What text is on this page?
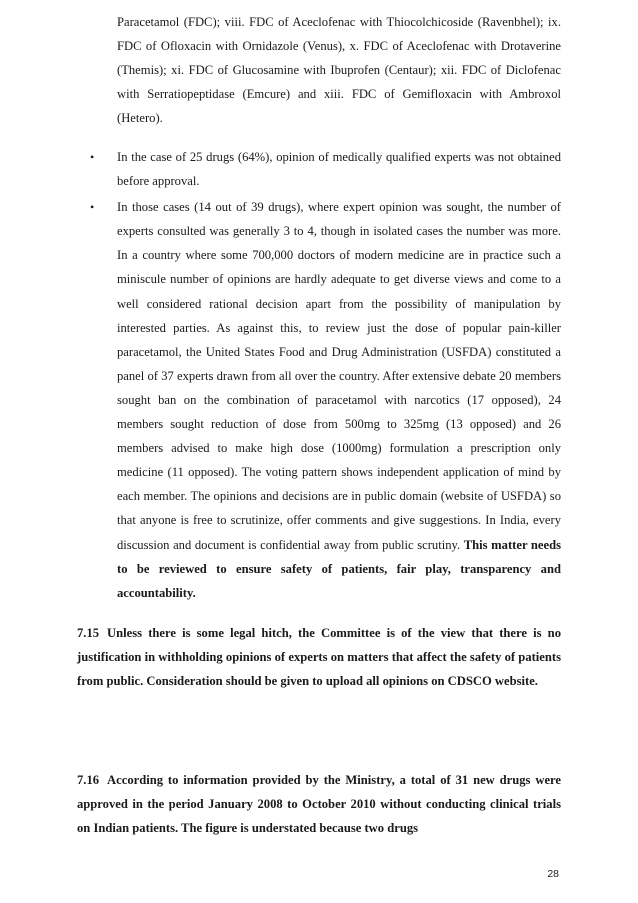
Paracetamol (FDC); viii. FDC of Aceclofenac with Thiocolchicoside (Ravenbhel); ix. FDC of Ofloxacin with Ornidazole (Venus), x. FDC of Aceclofenac with Drotaverine (Themis); xi. FDC of Glucosamine with Ibuprofen (Centaur); xii. FDC of Diclofenac with Serratiopeptidase (Emcure) and xiii. FDC of Gemifloxacin with Ambroxol (Hetero).

• In the case of 25 drugs (64%), opinion of medically qualified experts was not obtained before approval.
• In those cases (14 out of 39 drugs), where expert opinion was sought, the number of experts consulted was generally 3 to 4, though in isolated cases the number was more. In a country where some 700,000 doctors of modern medicine are in practice such a miniscule number of opinions are hardly adequate to get diverse views and come to a well considered rational decision apart from the possibility of manipulation by interested parties. As against this, to review just the dose of popular pain-killer paracetamol, the United States Food and Drug Administration (USFDA) constituted a panel of 37 experts drawn from all over the country. After extensive debate 20 members sought ban on the combination of paracetamol with narcotics (17 opposed), 24 members sought reduction of dose from 500mg to 325mg (13 opposed) and 26 members advised to make high dose (1000mg) formulation a prescription only medicine (11 opposed). The voting pattern shows independent application of mind by each member. The opinions and decisions are in public domain (website of USFDA) so that anyone is free to scrutinize, offer comments and give suggestions. In India, every discussion and document is confidential away from public scrutiny. This matter needs to be reviewed to ensure safety of patients, fair play, transparency and accountability.

7.15 Unless there is some legal hitch, the Committee is of the view that there is no justification in withholding opinions of experts on matters that affect the safety of patients from public. Consideration should be given to upload all opinions on CDSCO website.

7.16 According to information provided by the Ministry, a total of 31 new drugs were approved in the period January 2008 to October 2010 without conducting clinical trials on Indian patients. The figure is understated because two drugs

28
